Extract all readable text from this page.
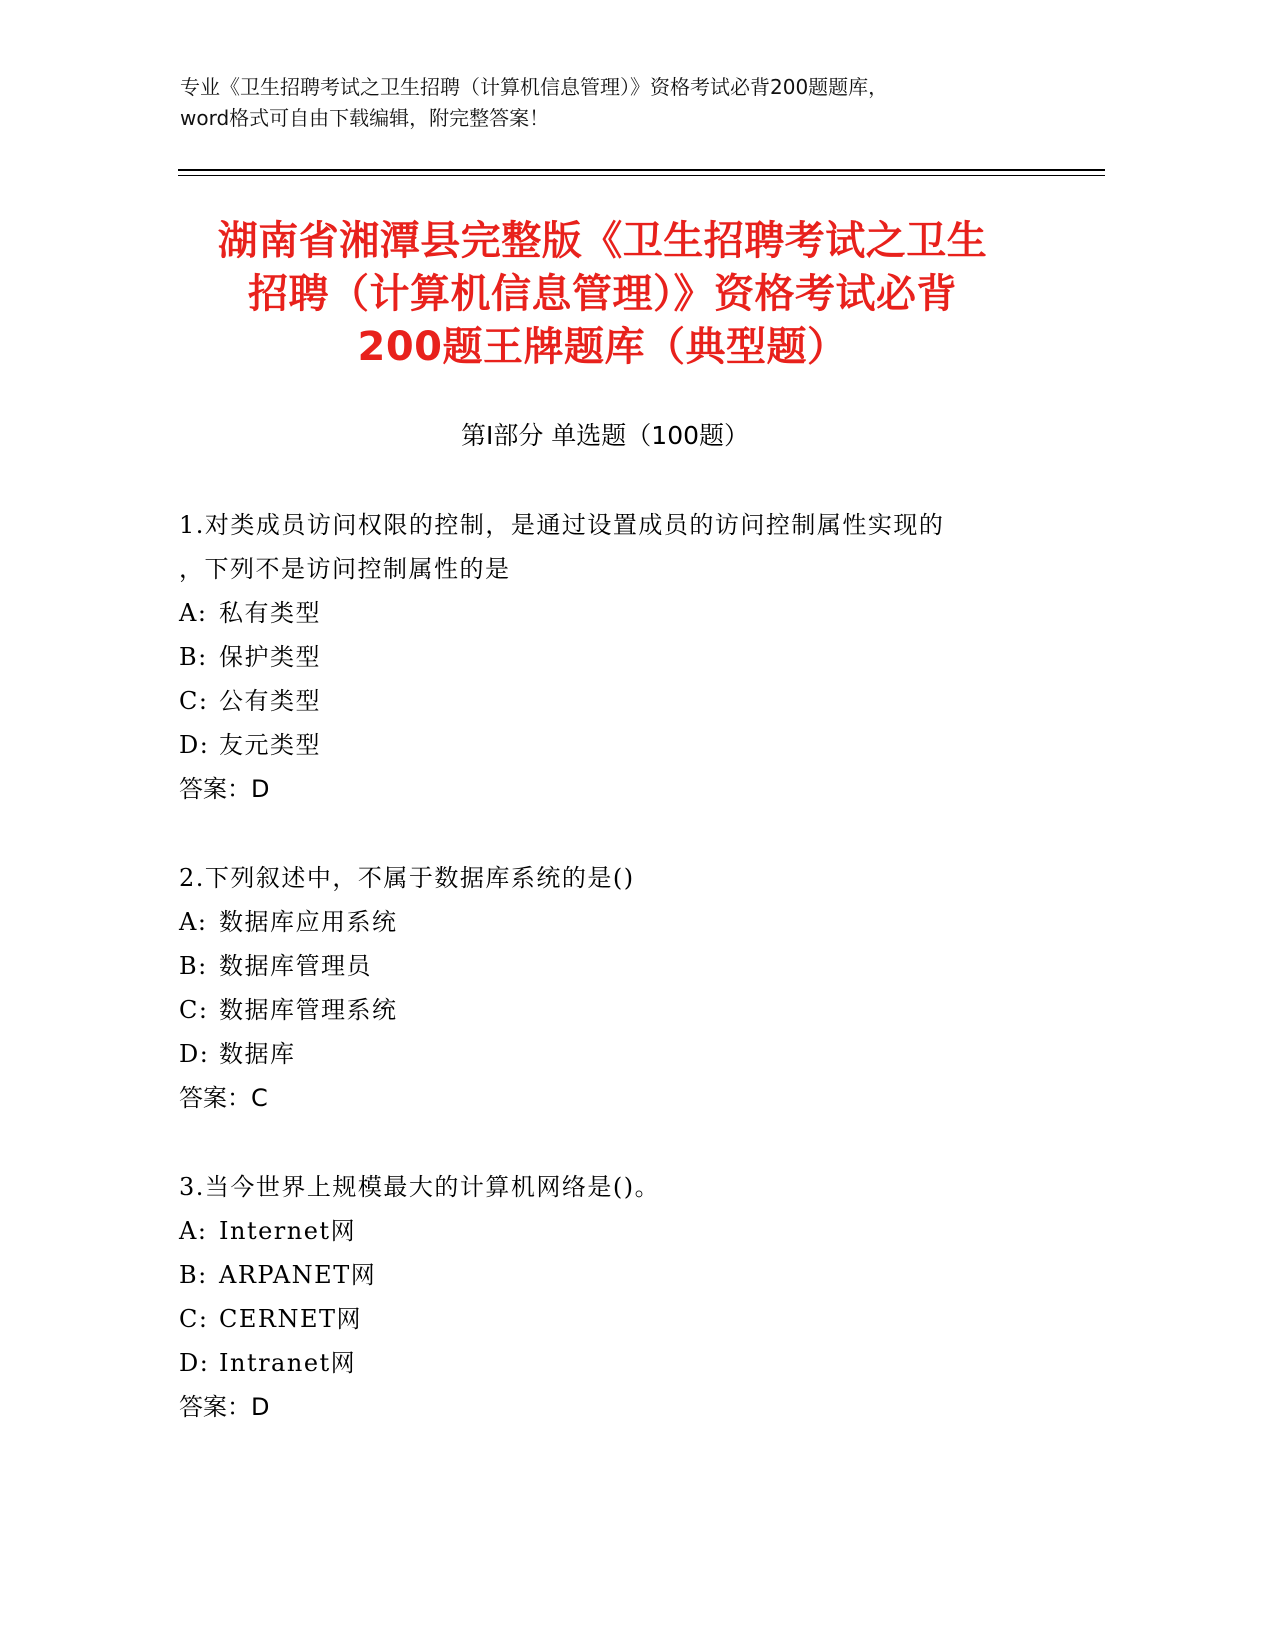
专业《卫生招聘考试之卫生招聘（计算机信息管理）》资格考试必背200题题库，
word格式可自由下载编辑，附完整答案！
湖南省湘潭县完整版《卫生招聘考试之卫生
招聘（计算机信息管理）》资格考试必背
200题王牌题库（典型题）
第Ⅰ部分 单选题（100题）
1.对类成员访问权限的控制，是通过设置成员的访问控制属性实现的
，下列不是访问控制属性的是
A: 私有类型
B: 保护类型
C: 公有类型
D: 友元类型
答案：D
2.下列叙述中，不属于数据库系统的是()
A: 数据库应用系统
B: 数据库管理员
C: 数据库管理系统
D: 数据库
答案：C
3.当今世界上规模最大的计算机网络是()。
A: Internet网
B: ARPANET网
C: CERNET网
D: Intranet网
答案：D
